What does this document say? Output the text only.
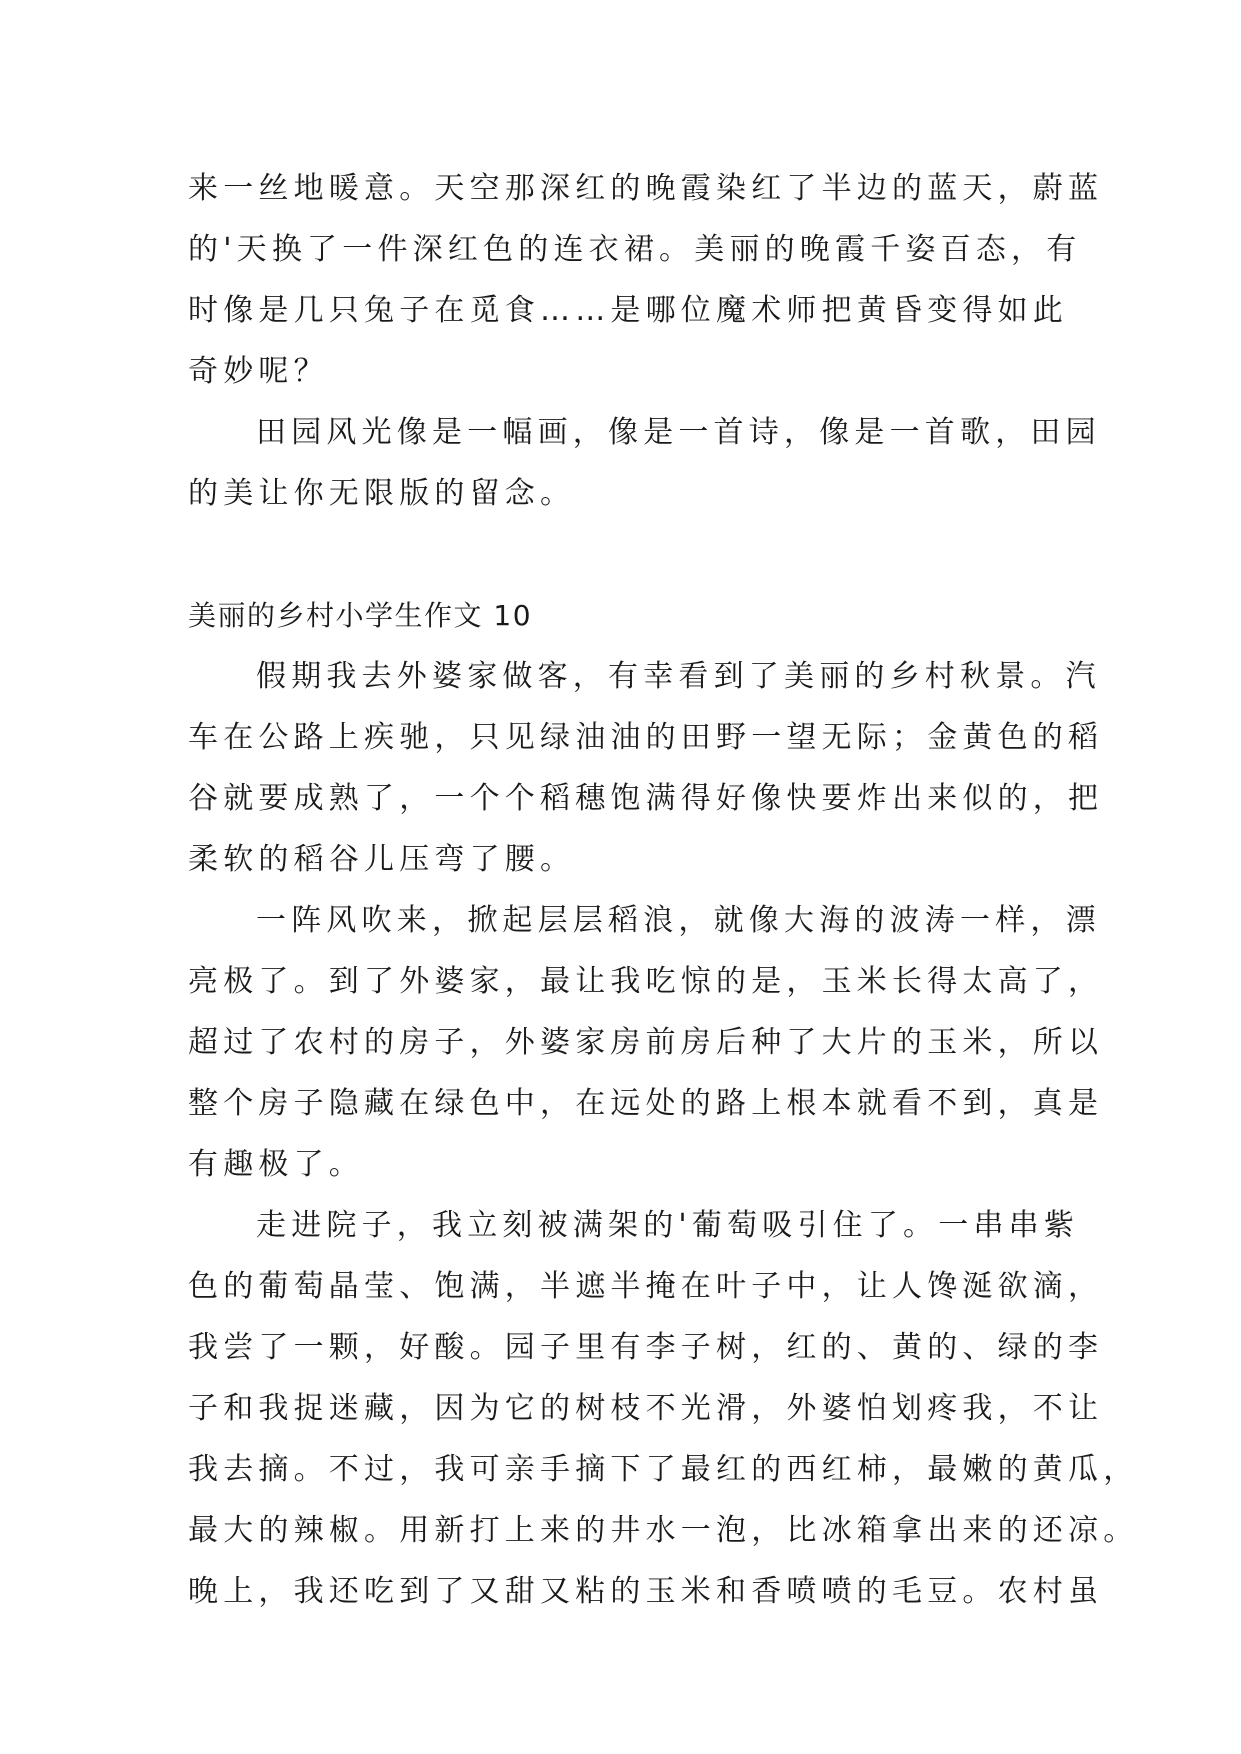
来一丝地暖意。天空那深红的晚霞染红了半边的蓝天，蔚蓝
的'天换了一件深红色的连衣裙。美丽的晚霞千姿百态，有
时像是几只兔子在觅食……是哪位魔术师把黄昏变得如此
奇妙呢？
田园风光像是一幅画，像是一首诗，像是一首歌，田园
的美让你无限版的留念。
美丽的乡村小学生作文 10
假期我去外婆家做客，有幸看到了美丽的乡村秋景。汽
车在公路上疾驰，只见绿油油的田野一望无际；金黄色的稻
谷就要成熟了，一个个稻穗饱满得好像快要炸出来似的，把
柔软的稻谷儿压弯了腰。
一阵风吹来，掀起层层稻浪，就像大海的波涛一样，漂
亮极了。到了外婆家，最让我吃惊的是，玉米长得太高了，
超过了农村的房子，外婆家房前房后种了大片的玉米，所以
整个房子隐藏在绿色中，在远处的路上根本就看不到，真是
有趣极了。
走进院子，我立刻被满架的'葡萄吸引住了。一串串紫
色的葡萄晶莹、饱满，半遮半掩在叶子中，让人馋涎欲滴，
我尝了一颗，好酸。园子里有李子树，红的、黄的、绿的李
子和我捉迷藏，因为它的树枝不光滑，外婆怕划疼我，不让
我去摘。不过，我可亲手摘下了最红的西红柿，最嫩的黄瓜，
最大的辣椒。用新打上来的井水一泡，比冰箱拿出来的还凉。
晚上，我还吃到了又甜又粘的玉米和香喷喷的毛豆。农村虽
